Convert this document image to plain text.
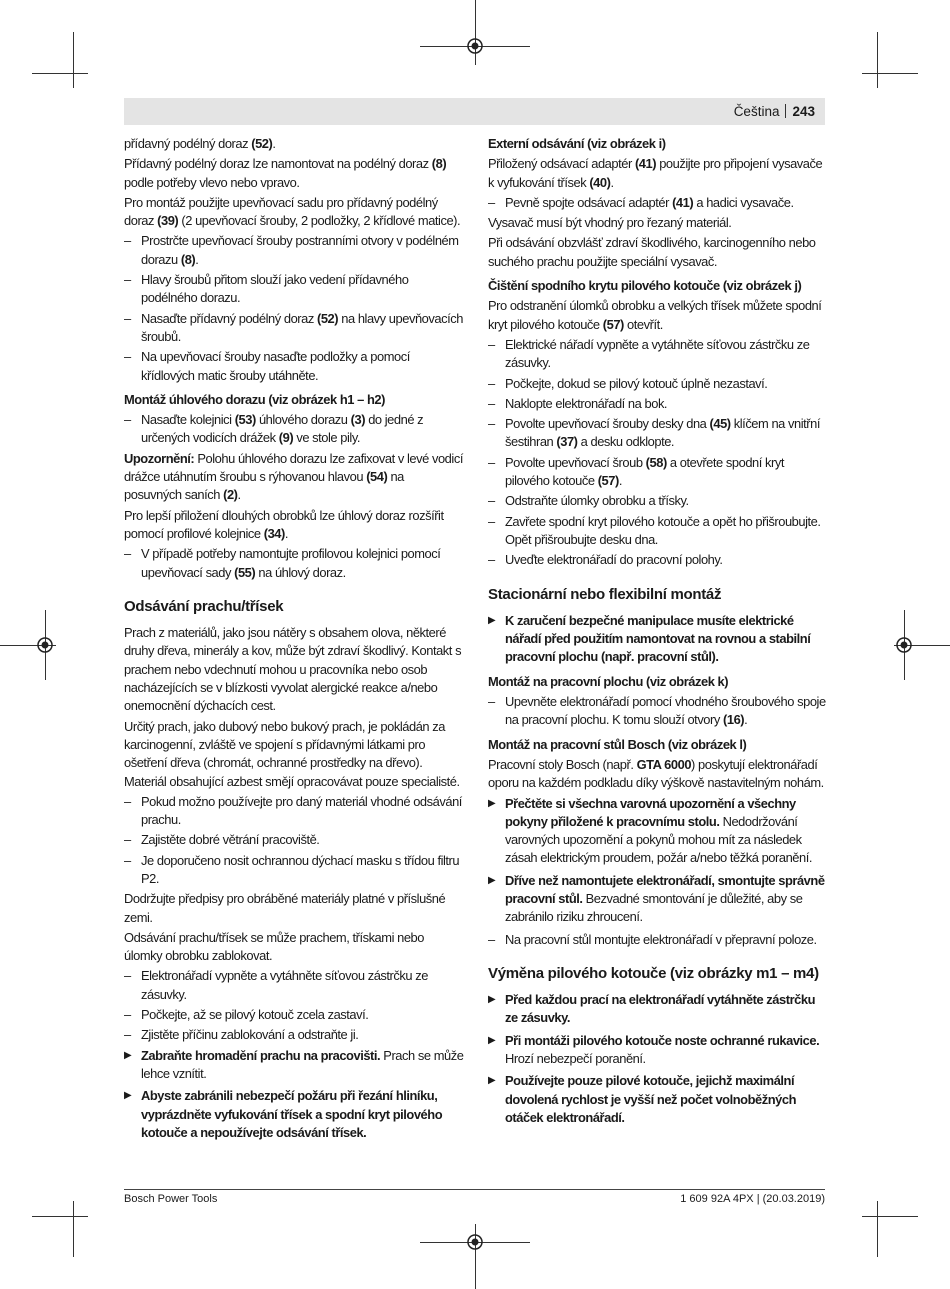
Čeština 243

přídavný podélný doraz (52).

Přídavný podélný doraz lze namontovat na podélný doraz (8) podle potřeby vlevo nebo vpravo.

Pro montáž použijte upevňovací sadu pro přídavný podélný doraz (39) (2 upevňovací šrouby, 2 podložky, 2 křídlové matice).

– Prostrčte upevňovací šrouby postranními otvory v podélném dorazu (8).
– Hlavy šroubů přitom slouží jako vedení přídavného podélného dorazu.
– Nasaďte přídavný podélný doraz (52) na hlavy upevňovacích šroubů.
– Na upevňovací šrouby nasaďte podložky a pomocí křídlových matic šrouby utáhněte.
Montáž úhlového dorazu (viz obrázek h1 – h2)
– Nasaďte kolejnici (53) úhlového dorazu (3) do jedné z určených vodicích drážek (9) ve stole pily.

Upozornění: Polohu úhlového dorazu lze zafixovat v levé vodicí drážce utáhnutím šroubu s rýhovanou hlavou (54) na posuvných saních (2).

Pro lepší přiložení dlouhých obrobků lze úhlový doraz rozšířit pomocí profilové kolejnice (34).

– V případě potřeby namontujte profilovou kolejnici pomocí upevňovací sady (55) na úhlový doraz.
Odsávání prachu/třísek

Prach z materiálů, jako jsou nátěry s obsahem olova, některé druhy dřeva, minerály a kov, může být zdraví škodlivý. Kontakt s prachem nebo vdechnutí mohou u pracovníka nebo osob nacházejících se v blízkosti vyvolat alergické reakce a/nebo onemocnění dýchacích cest.

Určitý prach, jako dubový nebo bukový prach, je pokládán za karcinogenní, zvláště ve spojení s přídavnými látkami pro ošetření dřeva (chromát, ochranné prostředky na dřevo). Materiál obsahující azbest smějí opracovávat pouze specialisté.

– Pokud možno používejte pro daný materiál vhodné odsávání prachu.
– Zajistěte dobré větrání pracoviště.
– Je doporučeno nosit ochrannou dýchací masku s třídou filtru P2.

Dodržujte předpisy pro obráběné materiály platné v příslušné zemi.

Odsávání prachu/třísek se může prachem, třískami nebo úlomky obrobku zablokovat.

– Elektronářadí vypněte a vytáhněte síťovou zástrčku ze zásuvky.
– Počkejte, až se pilový kotouč zcela zastaví.
– Zjistěte příčinu zablokování a odstraňte ji.
▶ Zabraňte hromadění prachu na pracovišti. Prach se může lehce vznítit.
▶ Abyste zabránili nebezpečí požáru při řezání hliníku, vyprázdněte vyfukování třísek a spodní kryt pilového kotouče a nepoužívejte odsávání třísek.
Externí odsávání (viz obrázek i)

Přiložený odsávací adaptér (41) použijte pro připojení vysavače k vyfukování třísek (40).

– Pevně spojte odsávací adaptér (41) a hadici vysavače.

Vysavač musí být vhodný pro řezaný materiál.

Při odsávání obzvlášť zdraví škodlivého, karcinogenního nebo suchého prachu použijte speciální vysavač.

Čištění spodního krytu pilového kotouče (viz obrázek j)

Pro odstranění úlomků obrobku a velkých třísek můžete spodní kryt pilového kotouče (57) otevřít.

– Elektrické nářadí vypněte a vytáhněte síťovou zástrčku ze zásuvky.
– Počkejte, dokud se pilový kotouč úplně nezastaví.
– Naklopte elektronářadí na bok.
– Povolte upevňovací šrouby desky dna (45) klíčem na vnitřní šestihran (37) a desku odklopte.
– Povolte upevňovací šroub (58) a otevřete spodní kryt pilového kotouče (57).
– Odstraňte úlomky obrobku a třísky.
– Zavřete spodní kryt pilového kotouče a opět ho přišroubujte.
Opět přišroubujte desku dna.
– Uveďte elektronářadí do pracovní polohy.
Stacionární nebo flexibilní montáž
▶ K zaručení bezpečné manipulace musíte elektrické nářadí před použitím namontovat na rovnou a stabilní pracovní plochu (např. pracovní stůl).
Montáž na pracovní plochu (viz obrázek k)
– Upevněte elektronářadí pomocí vhodného šroubového spoje na pracovní plochu. K tomu slouží otvory (16).
Montáž na pracovní stůl Bosch (viz obrázek l)

Pracovní stoly Bosch (např. GTA 6000) poskytují elektronářadí oporu na každém podkladu díky výškově nastavitelným nohám.

▶ Přečtěte si všechna varovná upozornění a všechny pokyny přiložené k pracovnímu stolu. Nedodržování varovných upozornění a pokynů mohou mít za následek zásah elektrickým proudem, požár a/nebo těžká poranění.
▶ Dříve než namontujete elektronářadí, smontujte správně pracovní stůl. Bezvadné smontování je důležité, aby se zabránilo riziku zhroucení.
– Na pracovní stůl montujte elektronářadí v přepravní poloze.
Výměna pilového kotouče (viz obrázky m1 – m4)
▶ Před každou prací na elektronářadí vytáhněte zástrčku ze zásuvky.
▶ Při montáži pilového kotouče noste ochranné rukavice. Hrozí nebezpečí poranění.
▶ Používejte pouze pilové kotouče, jejichž maximální dovolená rychlost je vyšší než počet volnoběžných otáček elektronářadí.
Bosch Power Tools	1 609 92A 4PX | (20.03.2019)
